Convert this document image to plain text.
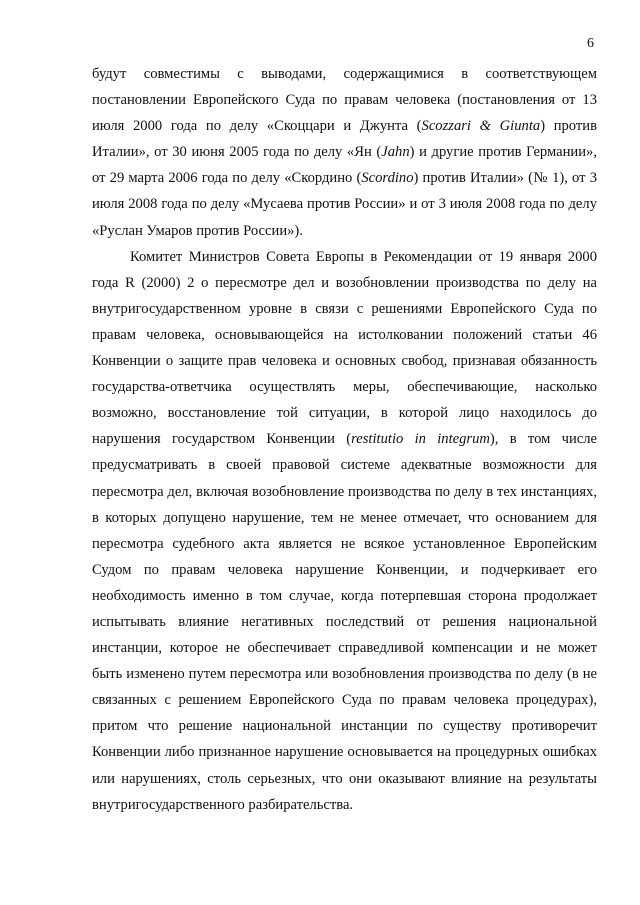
6

будут совместимы с выводами, содержащимися в соответствующем постановлении Европейского Суда по правам человека (постановления от 13 июля 2000 года по делу «Скоццари и Джунта (Scozzari & Giunta) против Италии», от 30 июня 2005 года по делу «Ян (Jahn) и другие против Германии», от 29 марта 2006 года по делу «Скордино (Scordino) против Италии» (№ 1), от 3 июля 2008 года по делу «Мусаева против России» и от 3 июля 2008 года по делу «Руслан Умаров против России»).

Комитет Министров Совета Европы в Рекомендации от 19 января 2000 года R (2000) 2 о пересмотре дел и возобновлении производства по делу на внутригосударственном уровне в связи с решениями Европейского Суда по правам человека, основывающейся на истолковании положений статьи 46 Конвенции о защите прав человека и основных свобод, признавая обязанность государства-ответчика осуществлять меры, обеспечивающие, насколько возможно, восстановление той ситуации, в которой лицо находилось до нарушения государством Конвенции (restitutio in integrum), в том числе предусматривать в своей правовой системе адекватные возможности для пересмотра дел, включая возобновление производства по делу в тех инстанциях, в которых допущено нарушение, тем не менее отмечает, что основанием для пересмотра судебного акта является не всякое установленное Европейским Судом по правам человека нарушение Конвенции, и подчеркивает его необходимость именно в том случае, когда потерпевшая сторона продолжает испытывать влияние негативных последствий от решения национальной инстанции, которое не обеспечивает справедливой компенсации и не может быть изменено путем пересмотра или возобновления производства по делу (в не связанных с решением Европейского Суда по правам человека процедурах), притом что решение национальной инстанции по существу противоречит Конвенции либо признанное нарушение основывается на процедурных ошибках или нарушениях, столь серьезных, что они оказывают влияние на результаты внутригосударственного разбирательства.
